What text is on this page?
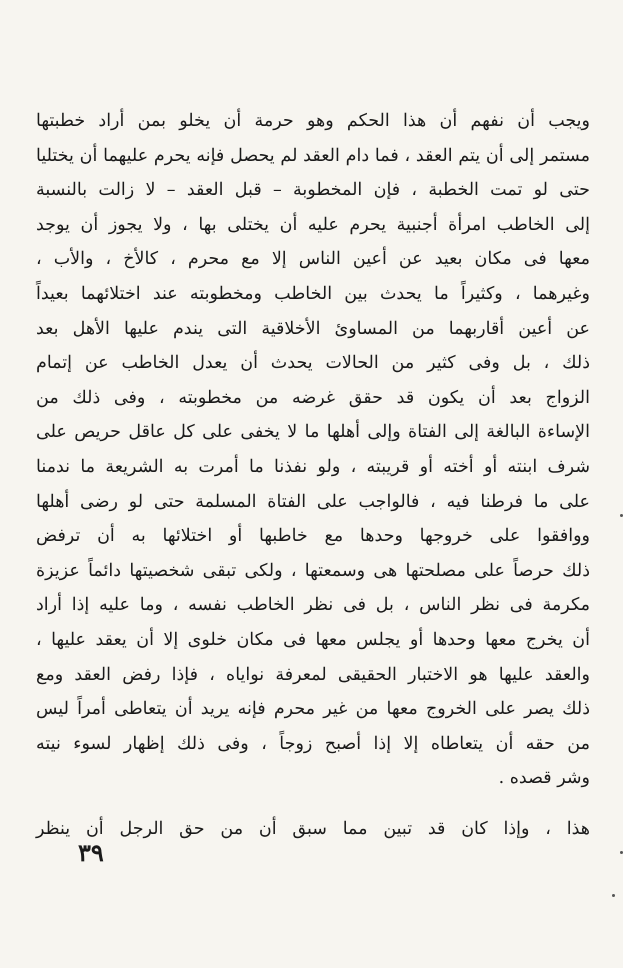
ويجب أن نفهم أن هذا الحكم وهو حرمة أن يخلو بمن أراد خطبتها
مستمر إلى أن يتم العقد ، فما دام العقد لم يحصل فإنه يحرم عليهما أن يختليا
حتى لو تمت الخطبة ، فإن المخطوبة – قبل العقد – لا زالت بالنسبة
إلى الخاطب امرأة أجنبية يحرم عليه أن يختلى بها ، ولا يجوز أن يوجد
معها فى مكان بعيد عن أعين الناس إلا مع محرم ، كالأخ ، والأب ،
وغيرهما ، وكثيراً ما يحدث بين الخاطب ومخطوبته عند اختلائهما بعيداً
عن أعين أقاربهما من المساوئ الأخلاقية التى يندم عليها الأهل بعد
ذلك ، بل وفى كثير من الحالات يحدث أن يعدل الخاطب عن إتمام
الزواج بعد أن يكون قد حقق غرضه من مخطوبته ، وفى ذلك من
الإساءة البالغة إلى الفتاة وإلى أهلها ما لا يخفى على كل عاقل حريص على
شرف ابنته أو أخته أو قريبته ، ولو نفذنا ما أمرت به الشريعة ما ندمنا
على ما فرطنا فيه ، فالواجب على الفتاة المسلمة حتى لو رضى أهلها
ووافقوا على خروجها وحدها مع خاطبها أو اختلائها به أن ترفض
ذلك حرصاً على مصلحتها هى وسمعتها ، ولكى تبقى شخصيتها دائماً عزيزة
مكرمة فى نظر الناس ، بل فى نظر الخاطب نفسه ، وما عليه إذا أراد
أن يخرج معها وحدها أو يجلس معها فى مكان خلوى إلا أن يعقد عليها ،
والعقد عليها هو الاختبار الحقيقى لمعرفة نواياه ، فإذا رفض العقد ومع
ذلك يصر على الخروج معها من غير محرم فإنه يريد أن يتعاطى أمراً ليس
من حقه أن يتعاطاه إلا إذا أصبح زوجاً ، وفى ذلك إظهار لسوء نيته
وشر قصده .
هذا ، وإذا كان قد تبين مما سبق أن من حق الرجل أن ينظر
٣٩
